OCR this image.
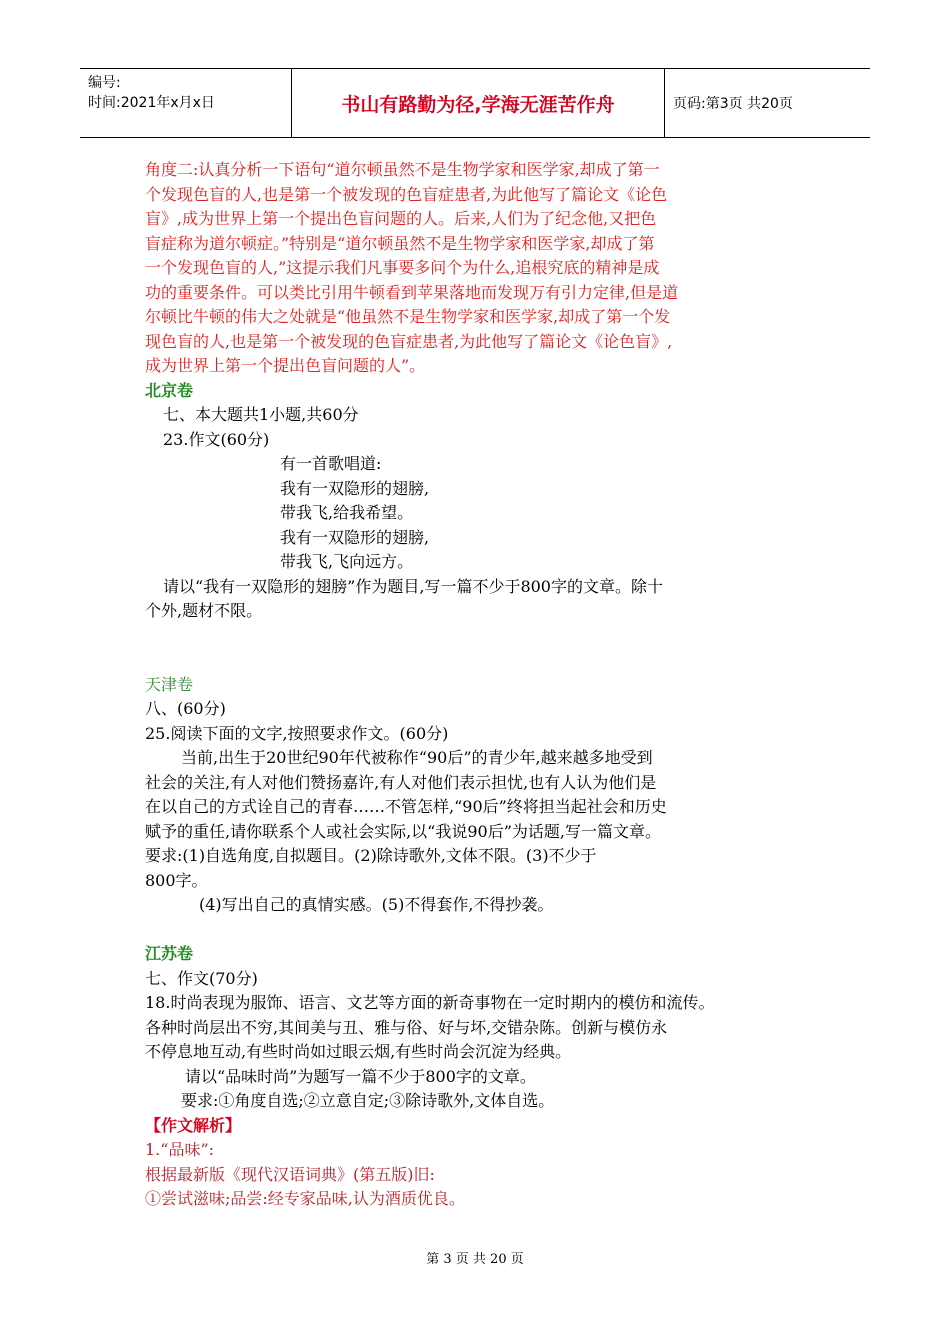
编号:
时间:2021年x月x日	书山有路勤为径,学海无涯苦作舟	页码:第3页 共20页
角度二:认真分析一下语句“道尔顿虽然不是生物学家和医学家,却成了第一
个发现色盲的人,也是第一个被发现的色盲症患者,为此他写了篇论文《论色
盲》,成为世界上第一个提出色盲问题的人。后来,人们为了纪念他,又把色
盲症称为道尔顿症。”特别是“道尔顿虽然不是生物学家和医学家,却成了第
一个发现色盲的人,”这提示我们凡事要多问个为什么,追根究底的精神是成
功的重要条件。可以类比引用牛顿看到苹果落地而发现万有引力定律,但是道
尔顿比牛顿的伟大之处就是“他虽然不是生物学家和医学家,却成了第一个发
现色盲的人,也是第一个被发现的色盲症患者,为此他写了篇论文《论色盲》,
成为世界上第一个提出色盲问题的人”。
北京卷
七、本大题共1小题,共60分
23.作文(60分)
有一首歌唱道:
我有一双隐形的翅膀,
带我飞,给我希望。
我有一双隐形的翅膀,
带我飞,飞向远方。
请以“我有一双隐形的翅膀”作为题目,写一篇不少于800字的文章。除十
个外,题材不限。
天津卷
八、(60分)
25.阅读下面的文字,按照要求作文。(60分)
当前,出生于20世纪90年代被称作“90后”的青少年,越来越多地受到
社会的关注,有人对他们赞扬嘉许,有人对他们表示担忧,也有人认为他们是
在以自己的方式诠自己的青春……不管怎样,“90后”终将担当起社会和历史
赋予的重任,请你联系个人或社会实际,以“我说90后”为话题,写一篇文章。
要求:(1)自选角度,自拟题目。(2)除诗歌外,文体不限。(3)不少于
800字。
(4)写出自己的真情实感。(5)不得套作,不得抄袭。
江苏卷
七、作文(70分)
18.时尚表现为服饰、语言、文艺等方面的新奇事物在一定时期内的模仿和流传。
各种时尚层出不穷,其间美与丑、雅与俗、好与坏,交错杂陈。创新与模仿永
不停息地互动,有些时尚如过眼云烟,有些时尚会沉淀为经典。
请以“品味时尚”为题写一篇不少于800字的文章。
要求:①角度自选;②立意自定;③除诗歌外,文体自选。
【作文解析】
1.“品味”:
根据最新版《现代汉语词典》(第五版)旧:
①尝试滋味;品尝:经专家品味,认为酒质优良。
第 3 页 共 20 页
